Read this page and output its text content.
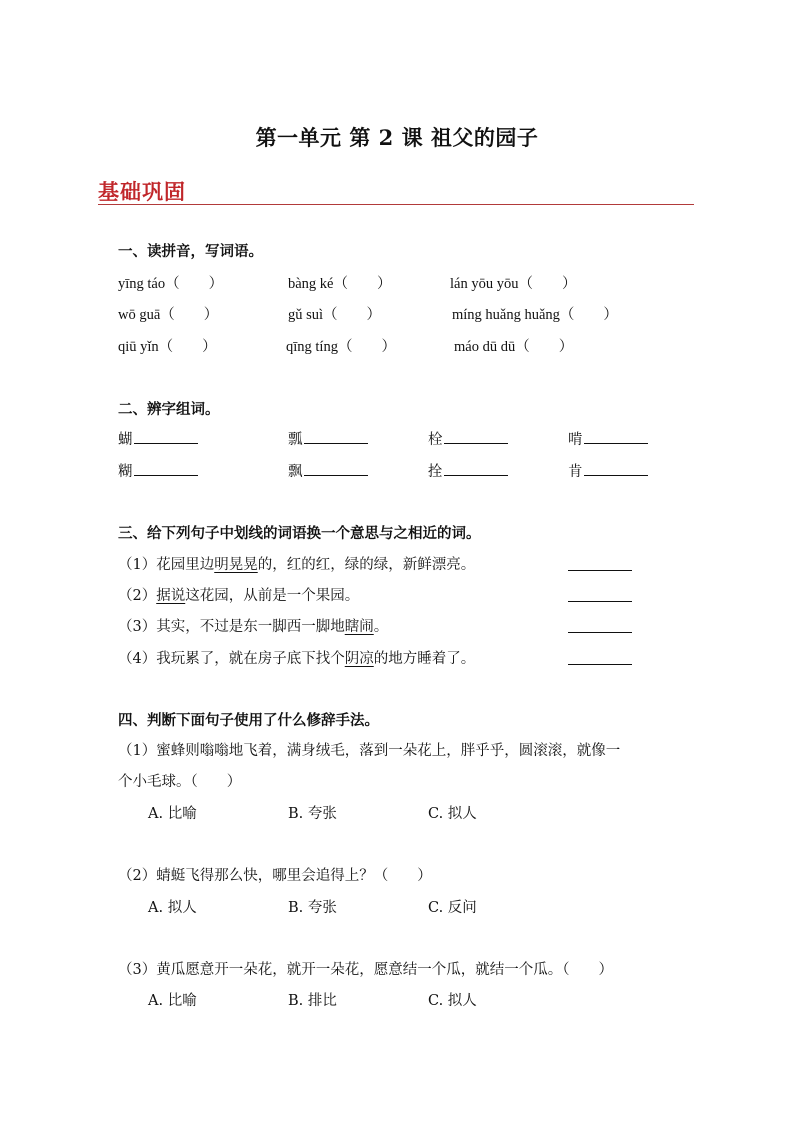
第一单元 第 2 课 祖父的园子
基础巩固
一、读拼音，写词语。
yīng táo（　　）	bàng ké（　　）	lán yōu yōu（　　）
wō guā（　　）	gǔ suì（　　）	míng huǎng huǎng（　　）
qiū yǐn（　　）	qīng tíng（　　）	máo dū dū（　　）
二、辨字组词。
蝴	瓢	栓	啃
糊	飘	拴	肯
三、给下列句子中划线的词语换一个意思与之相近的词。
（1）花园里边明晃晃的，红的红，绿的绿，新鲜漂亮。
（2）据说这花园，从前是一个果园。
（3）其实，不过是东一脚西一脚地瞎闹。
（4）我玩累了，就在房子底下找个阴凉的地方睡着了。
四、判断下面句子使用了什么修辞手法。
（1）蜜蜂则嗡嗡地飞着，满身绒毛，落到一朵花上，胖乎乎，圆滚滚，就像一
个小毛球。（　　）
A. 比喻	B. 夸张	C. 拟人
（2）蜻蜓飞得那么快，哪里会追得上？（　　）
A. 拟人	B. 夸张	C. 反问
（3）黄瓜愿意开一朵花，就开一朵花，愿意结一个瓜，就结一个瓜。（　　）
A. 比喻	B. 排比	C. 拟人
